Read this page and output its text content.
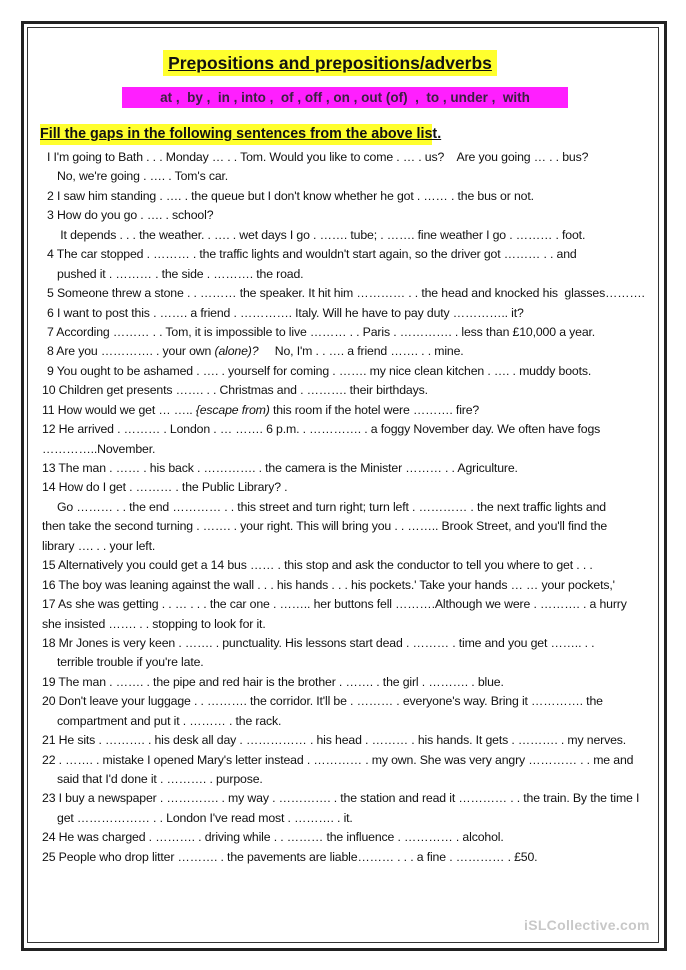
Prepositions and prepositions/adverbs
at ,  by ,  in , into ,  of , off , on , out (of)  ,  to , under ,  with
Fill the gaps in the following sentences from the above list.
I I'm going to Bath . . . Monday … . . Tom. Would you like to come . … . us?    Are you going … . . bus?
No, we're going . …. . Tom's car.
2 I saw him standing . …. . the queue but I don't know whether he got . …… . the bus or not.
3 How do you go . …. . school?
It depends . . . the weather. . …. . wet days I go . ……. tube; . ……. fine weather I go . ……… . foot.
4 The car stopped . ……… . the traffic lights and wouldn't start again, so the driver got ……… . . and
pushed it . ……… . the side . ………. the road.
5 Someone threw a stone . . ……… the speaker. It hit him ………… . . the head and knocked his  glasses……….
6 I want to post this . ……. a friend . …………. Italy. Will he have to pay duty ………….. it?
7 According ……… . . Tom, it is impossible to live ……… . . Paris . …………. . less than £10,000 a year.
8 Are you …………. . your own (alone)?     No, I'm . . …. a friend ……. . . mine.
9 You ought to be ashamed . …. . yourself for coming . ……. my nice clean kitchen . …. . muddy boots.
10 Children get presents ……. . . Christmas and . ………. their birthdays.
11 How would we get … ….. {escape from) this room if the hotel were ………. fire?
12 He arrived . ……… . London . … ……. 6 p.m. . …………. . a foggy November day. We often have fogs
…………..November.
13 The man . …… . his back . …………. . the camera is the Minister ……… . . Agriculture.
14 How do I get . ……… . the Public Library? .
Go ……… . . the end ………… . . this street and turn right; turn left . ………… . the next traffic lights and
then take the second turning . ……. . your right. This will bring you . . …….. Brook Street, and you'll find the
library …. . . your left.
15 Alternatively you could get a 14 bus …… . this stop and ask the conductor to tell you where to get . . .
16 The boy was leaning against the wall . . . his hands . . . his pockets.' Take your hands … … your pockets,'
17 As she was getting . . … . . . the car one . …….. her buttons fell ……….Although we were . ………. . a hurry
she insisted ……. . . stopping to look for it.
18 Mr Jones is very keen . ……. . punctuality. His lessons start dead . ……… . time and you get …….. . .
terrible trouble if you're late.
19 The man . ……. . the pipe and red hair is the brother . ……. . the girl . ………. . blue.
20 Don't leave your luggage . . ………. the corridor. It'll be . ……… . everyone's way. Bring it …………. the
compartment and put it . ……… . the rack.
21 He sits . ………. . his desk all day . …………… . his head . ……… . his hands. It gets . ………. . my nerves.
22 . ……. . mistake I opened Mary's letter instead . ………… . my own. She was very angry ………… . . me and
said that I'd done it . ………. . purpose.
23 I buy a newspaper . …………. . my way . …………. . the station and read it ………… . . the train. By the time I
get ……………… . . London I've read most . ………. . it.
24 He was charged . ………. . driving while . . ……… the influence . ………… . alcohol.
25 People who drop litter ………. . the pavements are liable……… . . . a fine . ………… . £50.
iSLCollective.com
